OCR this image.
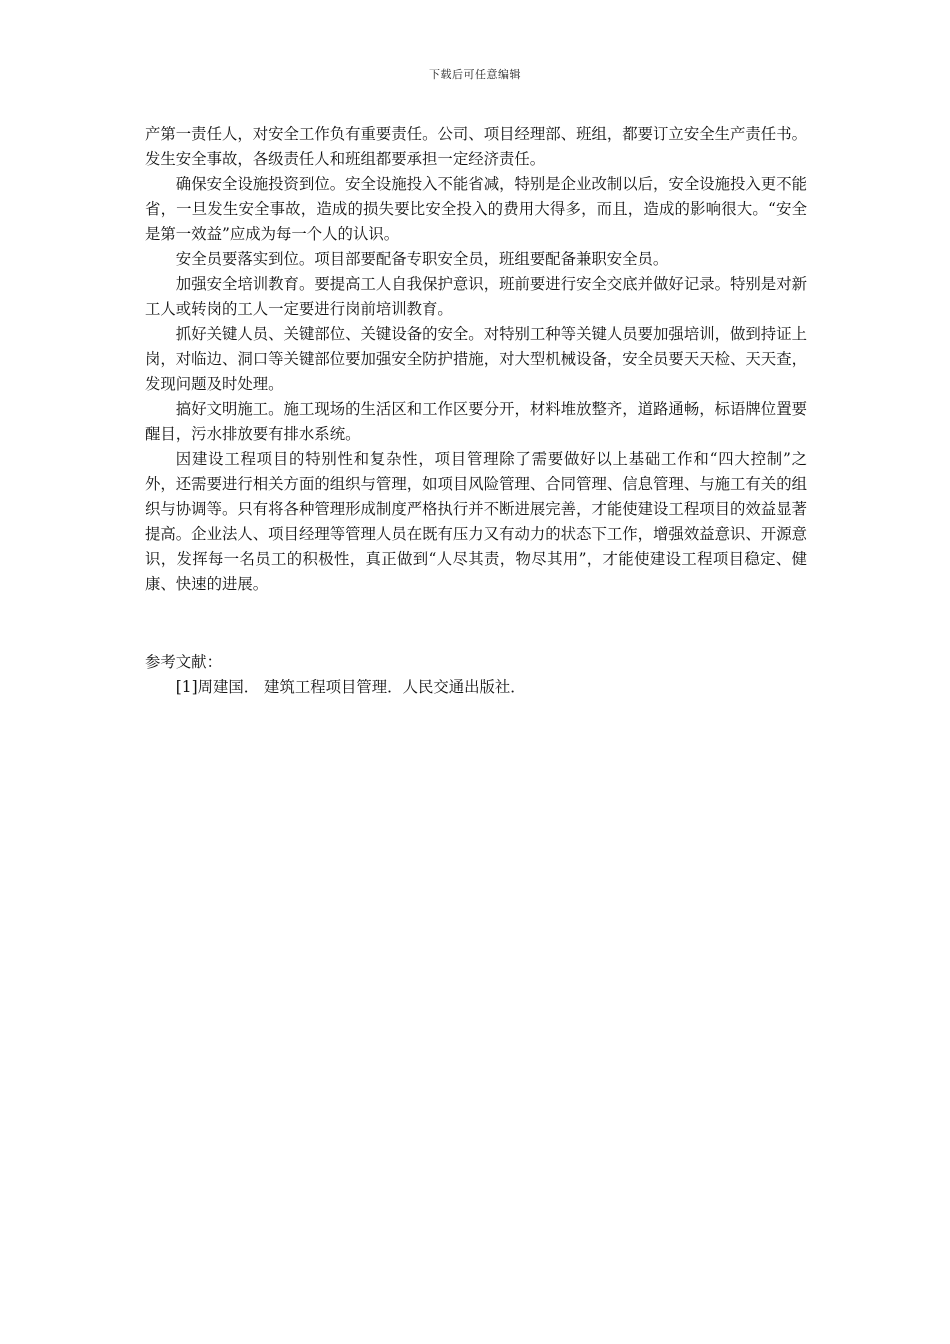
下载后可任意编辑

产第一责任人，对安全工作负有重要责任。公司、项目经理部、班组，都要订立安全生产责任书。发生安全事故，各级责任人和班组都要承担一定经济责任。

确保安全设施投资到位。安全设施投入不能省减，特别是企业改制以后，安全设施投入更不能省，一旦发生安全事故，造成的损失要比安全投入的费用大得多，而且，造成的影响很大。“安全是第一效益”应成为每一个人的认识。

安全员要落实到位。项目部要配备专职安全员，班组要配备兼职安全员。

加强安全培训教育。要提高工人自我保护意识，班前要进行安全交底并做好记录。特别是对新工人或转岗的工人一定要进行岗前培训教育。

抓好关键人员、关键部位、关键设备的安全。对特别工种等关键人员要加强培训，做到持证上岗，对临边、洞口等关键部位要加强安全防护措施，对大型机械设备，安全员要天天检、天天查，发现问题及时处理。

搞好文明施工。施工现场的生活区和工作区要分开，材料堆放整齐，道路通畅，标语牌位置要醒目，污水排放要有排水系统。

因建设工程项目的特别性和复杂性，项目管理除了需要做好以上基础工作和“四大控制”之外，还需要进行相关方面的组织与管理，如项目风险管理、合同管理、信息管理、与施工有关的组织与协调等。只有将各种管理形成制度严格执行并不断进展完善，才能使建设工程项目的效益显著提高。企业法人、项目经理等管理人员在既有压力又有动力的状态下工作，增强效益意识、开源意识，发挥每一名员工的积极性，真正做到“人尽其责，物尽其用”，才能使建设工程项目稳定、健康、快速的进展。

参考文献：

[1]周建国． 建筑工程项目管理．人民交通出版社．
